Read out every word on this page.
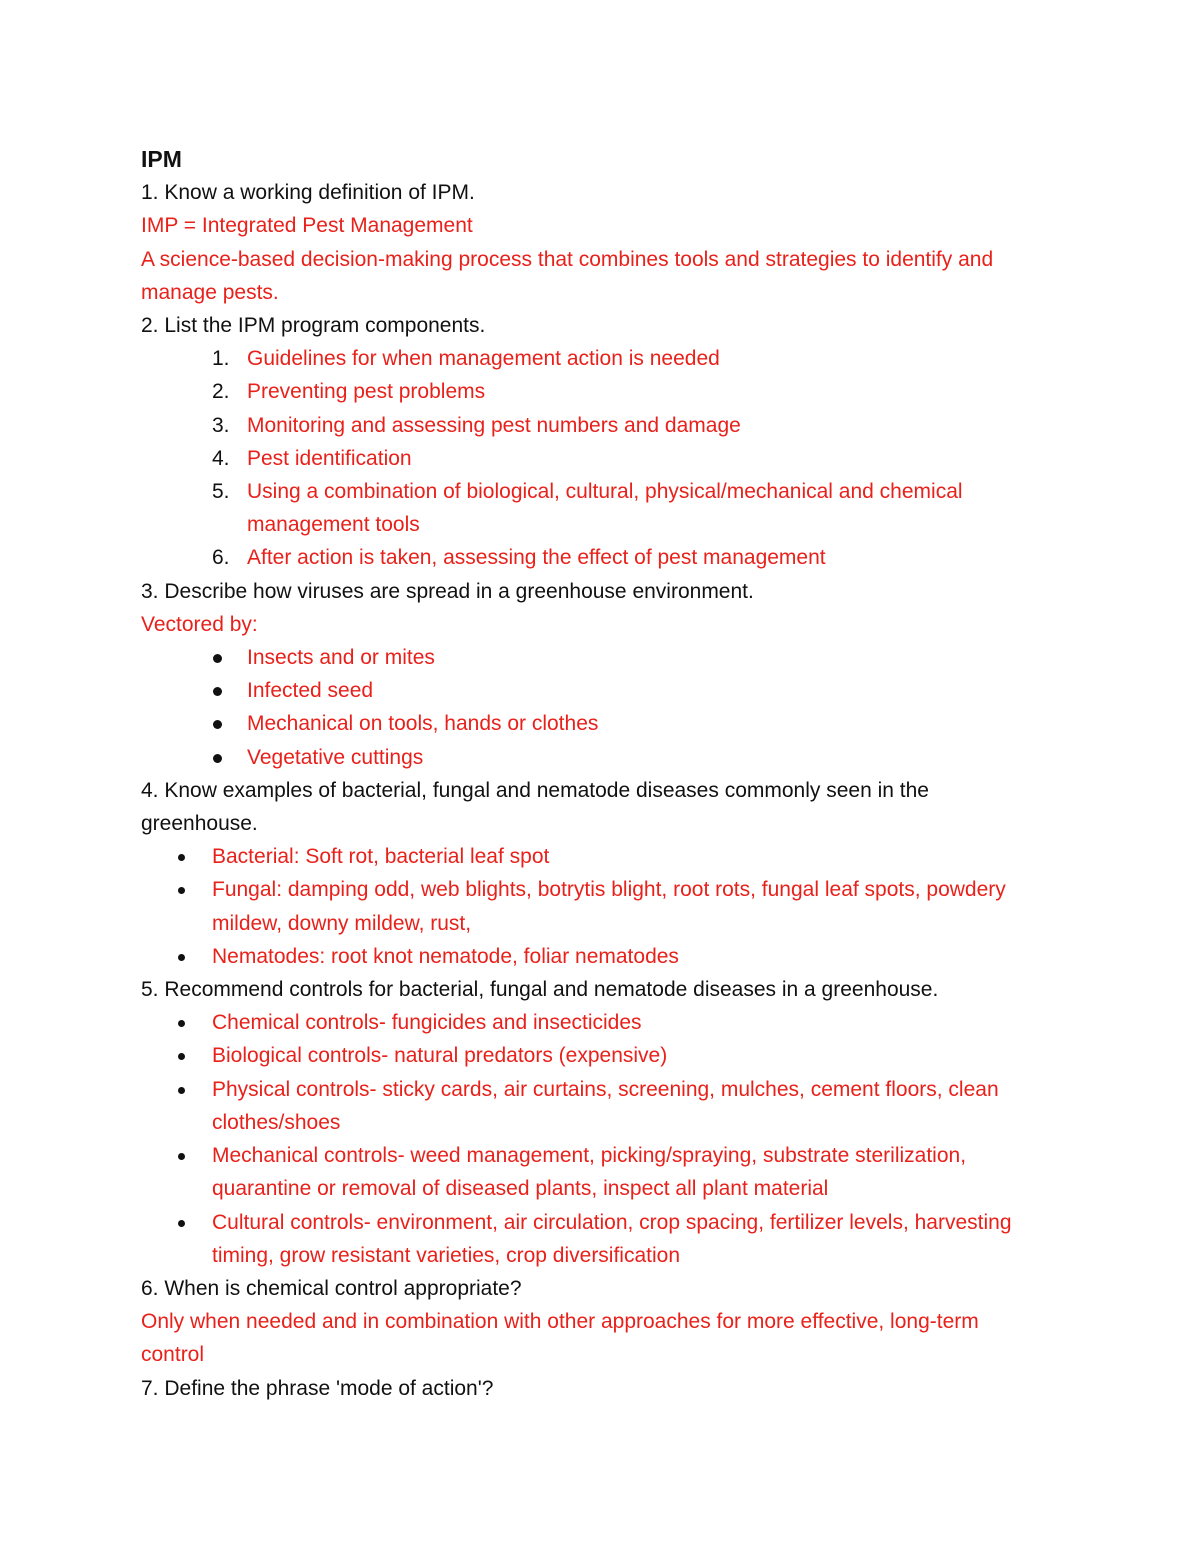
IPM
1. Know a working definition of IPM.
IMP = Integrated Pest Management
A science-based decision-making process that combines tools and strategies to identify and
manage pests.
2. List the IPM program components.
1. Guidelines for when management action is needed
2. Preventing pest problems
3. Monitoring and assessing pest numbers and damage
4. Pest identification
5. Using a combination of biological, cultural, physical/mechanical and chemical
management tools
6. After action is taken, assessing the effect of pest management
3. Describe how viruses are spread in a greenhouse environment.
Vectored by:
Insects and or mites
Infected seed
Mechanical on tools, hands or clothes
Vegetative cuttings
4. Know examples of bacterial, fungal and nematode diseases commonly seen in the
greenhouse.
Bacterial: Soft rot, bacterial leaf spot
Fungal: damping odd, web blights, botrytis blight, root rots, fungal leaf spots, powdery
mildew, downy mildew, rust,
Nematodes: root knot nematode, foliar nematodes
5. Recommend controls for bacterial, fungal and nematode diseases in a greenhouse.
Chemical controls- fungicides and insecticides
Biological controls- natural predators (expensive)
Physical controls- sticky cards, air curtains, screening, mulches, cement floors, clean
clothes/shoes
Mechanical controls- weed management, picking/spraying, substrate sterilization,
quarantine or removal of diseased plants, inspect all plant material
Cultural controls- environment, air circulation, crop spacing, fertilizer levels, harvesting
timing, grow resistant varieties, crop diversification
6. When is chemical control appropriate?
Only when needed and in combination with other approaches for more effective, long-term
control
7. Define the phrase 'mode of action'?
